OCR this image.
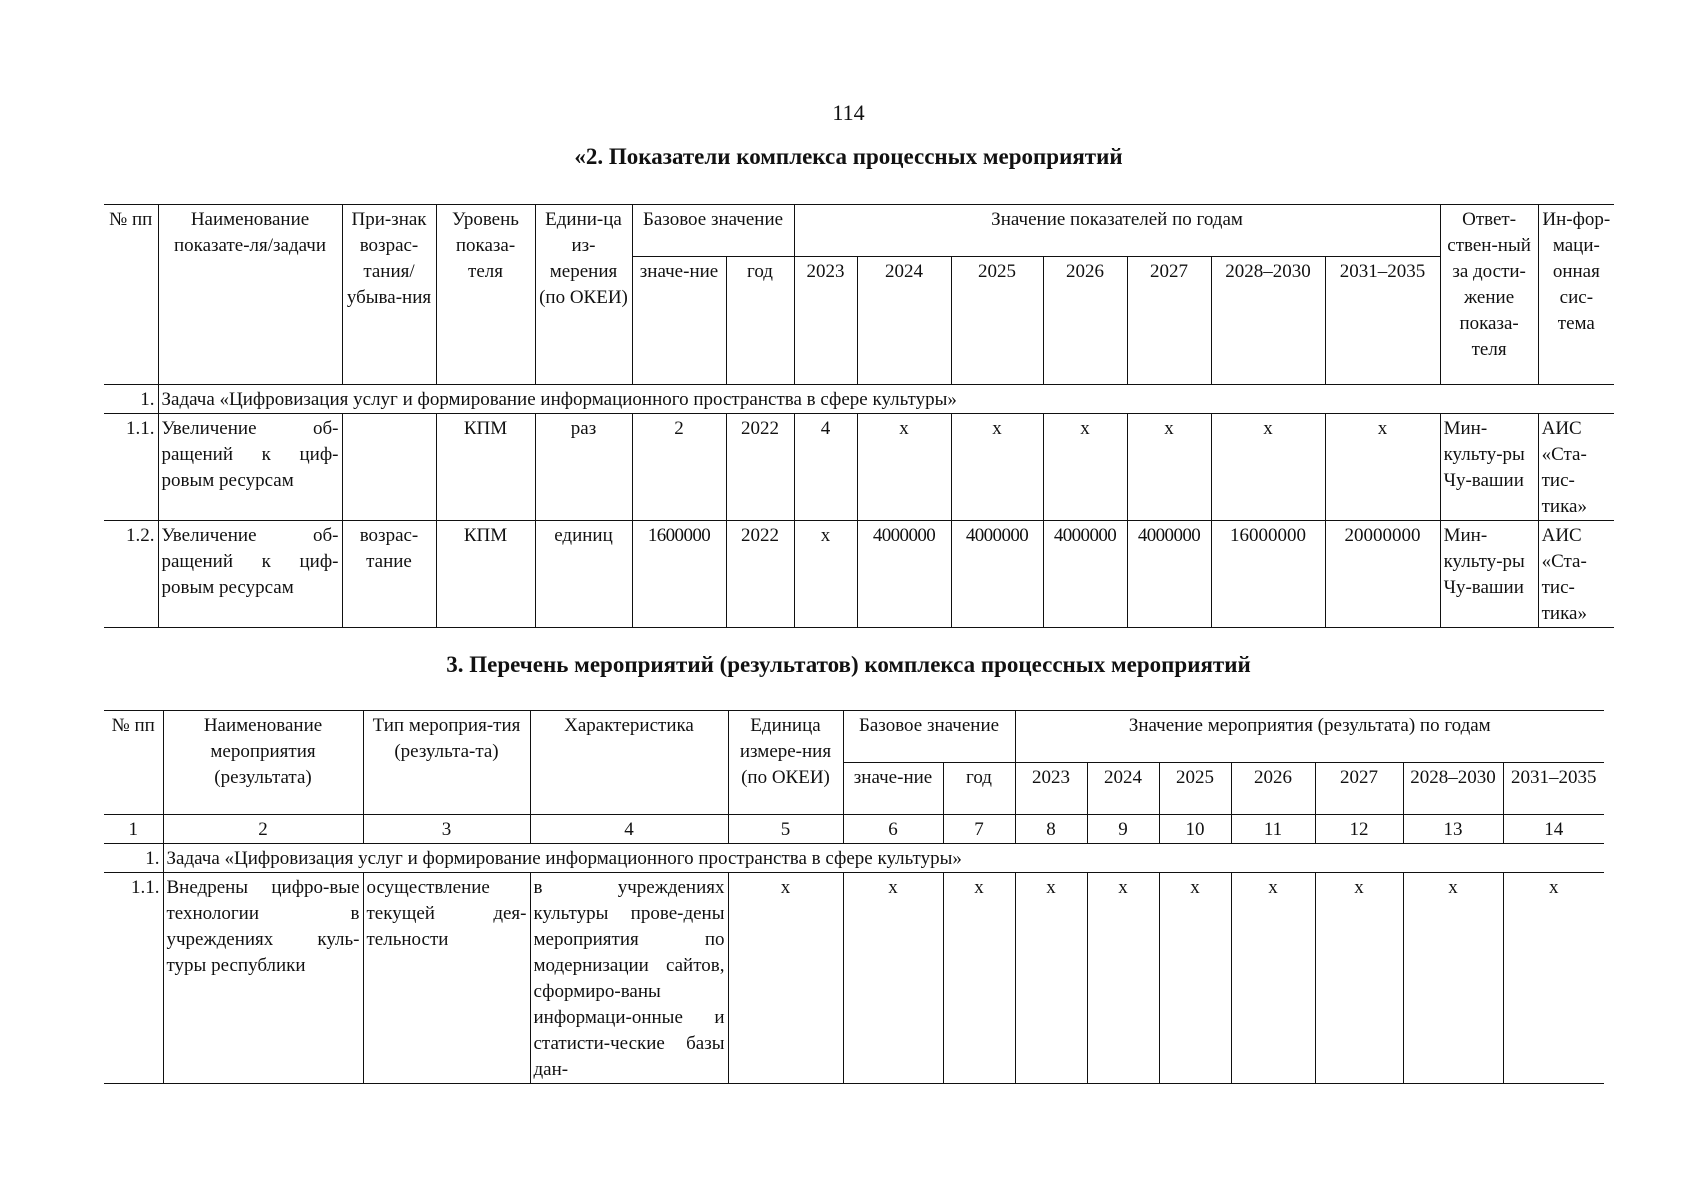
114
«2. Показатели комплекса процессных мероприятий
№ пп	Наименование показате-ля/задачи	При-знак возрас-тания/ убыва-ния	Уровень показа-теля	Едини-ца из-мерения (по ОКЕИ)	Базовое значение		Значение показателей по годам							Ответ-ствен-ный за дости-жение показа-теля	Ин-фор-маци-онная сис-тема
					значе-ние	год	2023	2024	2025	2026	2027	2028–2030	2031–2035		
1.	Задача «Цифровизация услуг и формирование информационного пространства в сфере культуры»														
1.1.	Увеличение об-ращений к циф-ровым ресурсам		КПМ	раз	2	2022	4	х	х	х	х	х	х	Мин-культу-ры Чу-вашии	АИС «Ста-тис-тика»
1.2.	Увеличение об-ращений к циф-ровым ресурсам	возрас-тание	КПМ	единиц	1600000	2022	х	4000000	4000000	4000000	4000000	16000000	20000000	Мин-культу-ры Чу-вашии	АИС «Ста-тис-тика»
3. Перечень мероприятий (результатов) комплекса процессных мероприятий
№ пп	Наименование мероприятия (результата)	Тип мероприя-тия (результа-та)	Характеристика	Единица измере-ния (по ОКЕИ)	Базовое значение		Значение мероприятия (результата) по годам						
					значе-ние	год	2023	2024	2025	2026	2027	2028–2030	2031–2035
1	2	3	4	5	6	7	8	9	10	11	12	13	14
1.	Задача «Цифровизация услуг и формирование информационного пространства в сфере культуры»												
1.1.	Внедрены цифро-вые технологии в учреждениях куль-туры республики	осуществление текущей дея-тельности	в учреждениях культуры прове-дены мероприятия по модернизации сайтов, сформиро-ваны информаци-онные и статисти-ческие базы дан-	х	х	х	х	х	х	х	х	х	х
